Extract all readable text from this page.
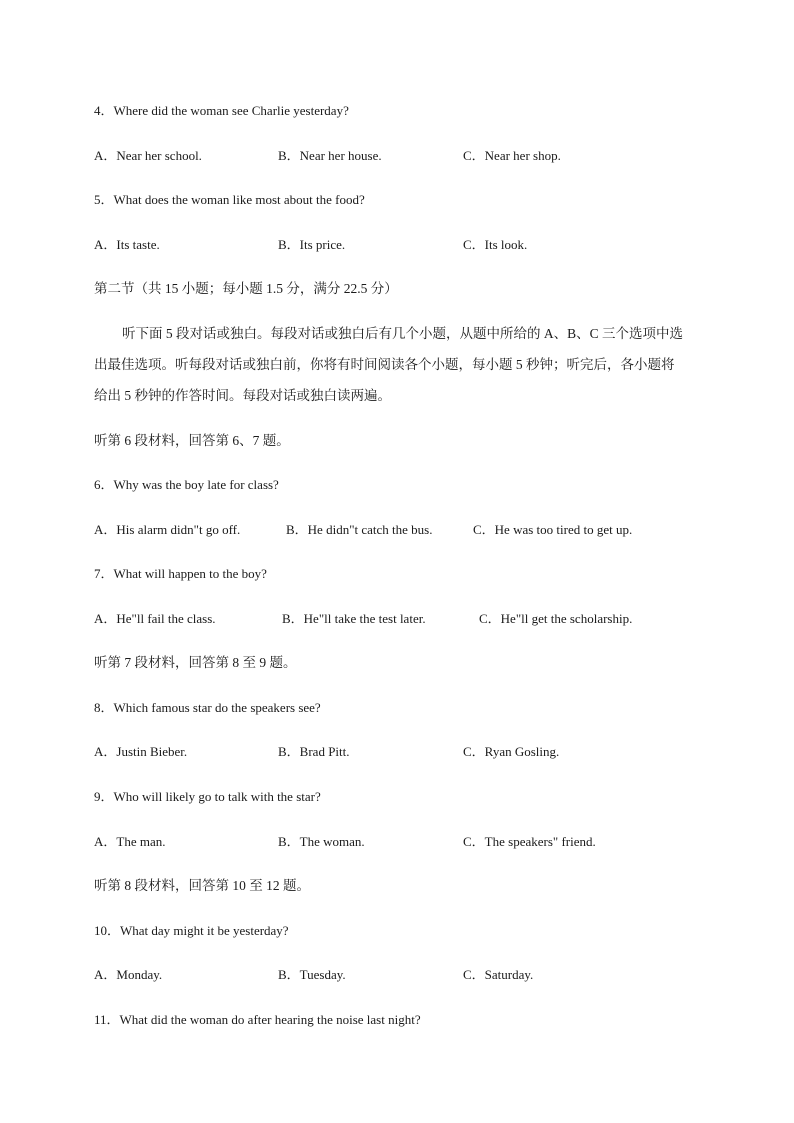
4．Where did the woman see Charlie yesterday?
A．Near her school.	B．Near her house.	C．Near her shop.
5．What does the woman like most about the food?
A．Its taste.	B．Its price.	C．Its look.
第二节（共 15 小题；每小题 1.5 分，满分 22.5 分）
听下面 5 段对话或独白。每段对话或独白后有几个小题，从题中所给的 A、B、C 三个选项中选
出最佳选项。听每段对话或独白前，你将有时间阅读各个小题，每小题 5 秒钟；听完后，各小题将
给出 5 秒钟的作答时间。每段对话或独白读两遍。
听第 6 段材料，回答第 6、7 题。
6．Why was the boy late for class?
A．His alarm didn"t go off.	B．He didn"t catch the bus.	C．He was too tired to get up.
7．What will happen to the boy?
A．He"ll fail the class.	B．He"ll take the test later.	C．He"ll get the scholarship.
听第 7 段材料，回答第 8 至 9 题。
8．Which famous star do the speakers see?
A．Justin Bieber.	B．Brad Pitt.	C．Ryan Gosling.
9．Who will likely go to talk with the star?
A．The man.	B．The woman.	C．The speakers" friend.
听第 8 段材料，回答第 10 至 12 题。
10．What day might it be yesterday?
A．Monday.	B．Tuesday.	C．Saturday.
11．What did the woman do after hearing the noise last night?
